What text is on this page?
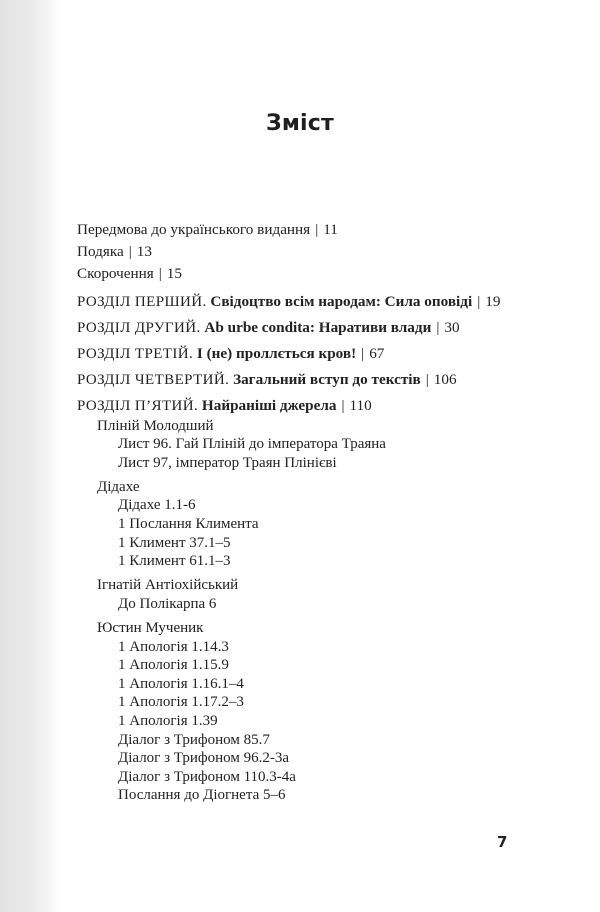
Зміст
Передмова до українського видання | 11
Подяка | 13
Скорочення | 15
РОЗДІЛ ПЕРШИЙ. Свідоцтво всім народам: Сила оповіді | 19
РОЗДІЛ ДРУГИЙ. Ab urbe condita: Наративи влади | 30
РОЗДІЛ ТРЕТІЙ. І (не) проллється кров! | 67
РОЗДІЛ ЧЕТВЕРТИЙ. Загальний вступ до текстів | 106
РОЗДІЛ П’ЯТИЙ. Найраніші джерела | 110
Пліній Молодший
Лист 96. Гай Пліній до імператора Траяна
Лист 97, імператор Траян Плінієві
Дідахе
Дідахе 1.1-6
1 Послання Климента
1 Климент 37.1–5
1 Климент 61.1–3
Ігнатій Антіохійський
До Полікарпа 6
Юстин Мученик
1 Апологія 1.14.3
1 Апологія 1.15.9
1 Апологія 1.16.1–4
1 Апологія 1.17.2–3
1 Апологія 1.39
Діалог з Трифоном 85.7
Діалог з Трифоном 96.2-3а
Діалог з Трифоном 110.3-4а
Послання до Діогнета 5–6
7
